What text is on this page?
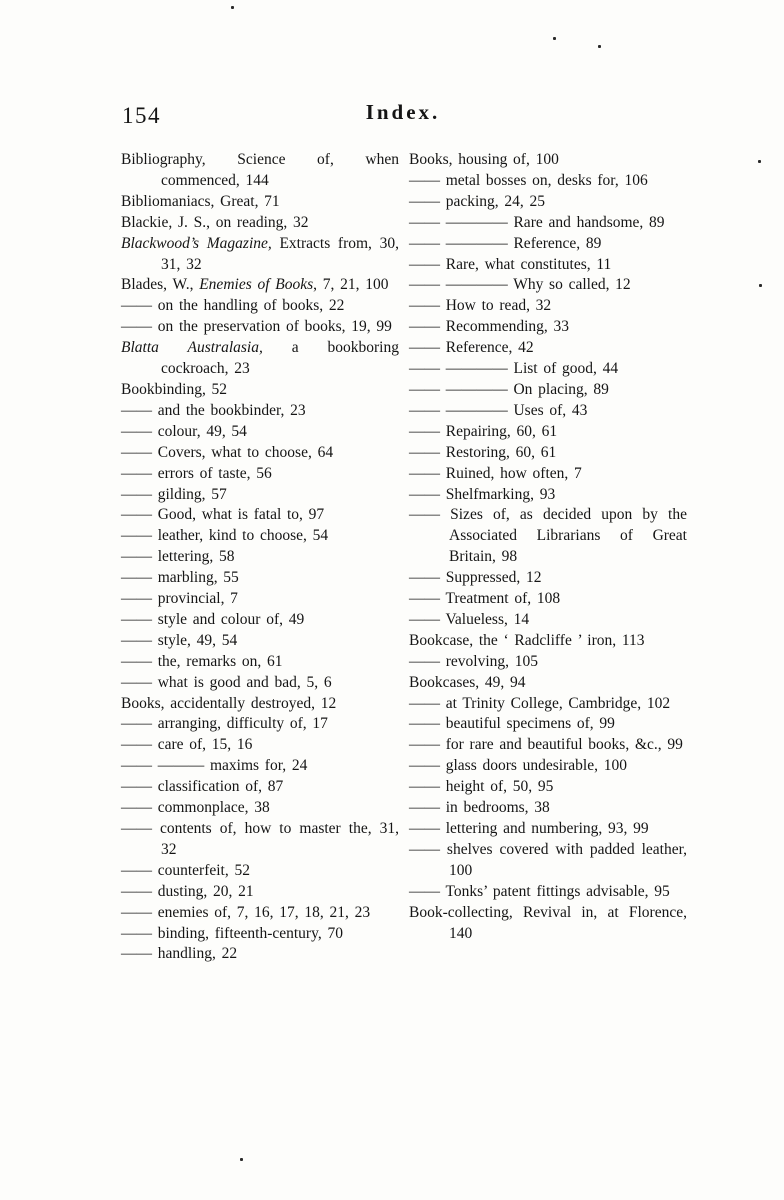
154	Index.

Bibliography, Science of, when commenced, 144

Bibliomaniacs, Great, 71

Blackie, J. S., on reading, 32

Blackwood’s Magazine, Extracts from, 30, 31, 32

Blades, W., Enemies of Books, 7, 21, 100

—— on the handling of books, 22

—— on the preservation of books, 19, 99

Blatta Australasia, a bookboring cockroach, 23

Bookbinding, 52

—— and the bookbinder, 23

—— colour, 49, 54

—— Covers, what to choose, 64

—— errors of taste, 56

—— gilding, 57

—— Good, what is fatal to, 97

—— leather, kind to choose, 54

—— lettering, 58

—— marbling, 55

—— provincial, 7

—— style and colour of, 49

—— style, 49, 54

—— the, remarks on, 61

—— what is good and bad, 5, 6

Books, accidentally destroyed, 12

—— arranging, difficulty of, 17

—— care of, 15, 16

—— ——— maxims for, 24

—— classification of, 87

—— commonplace, 38

—— contents of, how to master the, 31, 32

—— counterfeit, 52

—— dusting, 20, 21

—— enemies of, 7, 16, 17, 18, 21, 23

—— binding, fifteenth-century, 70

—— handling, 22

Books, housing of, 100

—— metal bosses on, desks for, 106

—— packing, 24, 25

—— ———— Rare and handsome, 89

—— ———— Reference, 89

—— Rare, what constitutes, 11

—— ———— Why so called, 12

—— How to read, 32

—— Recommending, 33

—— Reference, 42

—— ———— List of good, 44

—— ———— On placing, 89

—— ———— Uses of, 43

—— Repairing, 60, 61

—— Restoring, 60, 61

—— Ruined, how often, 7

—— Shelfmarking, 93

—— Sizes of, as decided upon by the Associated Librarians of Great Britain, 98

—— Suppressed, 12

—— Treatment of, 108

—— Valueless, 14

Bookcase, the ‘ Radcliffe ’ iron, 113

—— revolving, 105

Bookcases, 49, 94

—— at Trinity College, Cambridge, 102

—— beautiful specimens of, 99

—— for rare and beautiful books, &c., 99

—— glass doors undesirable, 100

—— height of, 50, 95

—— in bedrooms, 38

—— lettering and numbering, 93, 99

—— shelves covered with padded leather, 100

—— Tonks’ patent fittings advisable, 95

Book-collecting, Revival in, at Florence, 140
